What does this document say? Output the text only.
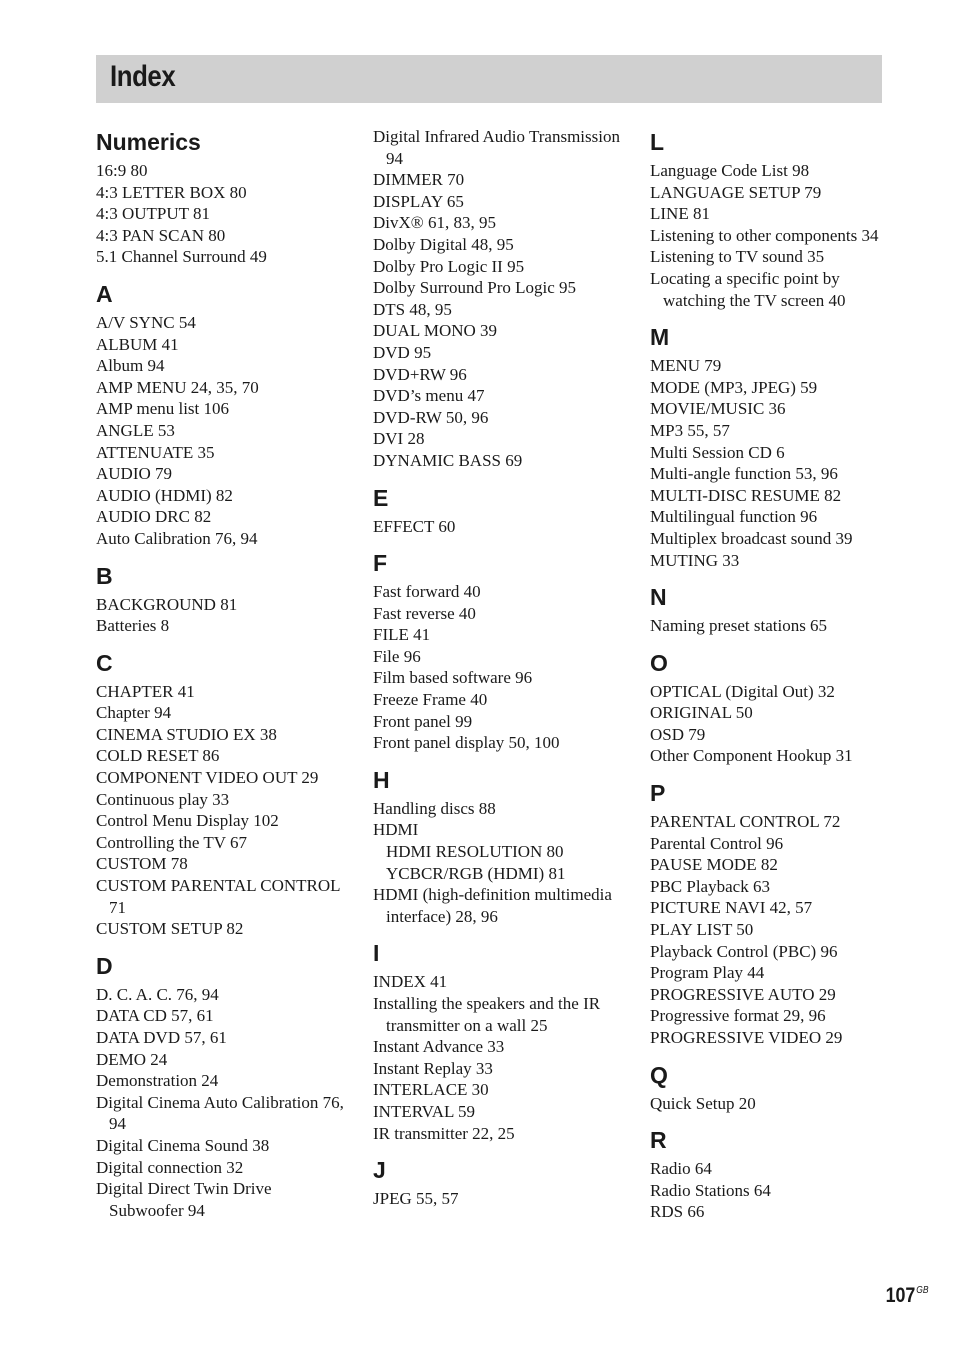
Index
Numerics
16:9 80
4:3 LETTER BOX 80
4:3 OUTPUT 81
4:3 PAN SCAN 80
5.1 Channel Surround 49
A
A/V SYNC 54
ALBUM 41
Album 94
AMP MENU 24, 35, 70
AMP menu list 106
ANGLE 53
ATTENUATE 35
AUDIO 79
AUDIO (HDMI) 82
AUDIO DRC 82
Auto Calibration 76, 94
B
BACKGROUND 81
Batteries 8
C
CHAPTER 41
Chapter 94
CINEMA STUDIO EX 38
COLD RESET 86
COMPONENT VIDEO OUT 29
Continuous play 33
Control Menu Display 102
Controlling the TV 67
CUSTOM 78
CUSTOM PARENTAL CONTROL 71
CUSTOM SETUP 82
D
D. C. A. C. 76, 94
DATA CD 57, 61
DATA DVD 57, 61
DEMO 24
Demonstration 24
Digital Cinema Auto Calibration 76, 94
Digital Cinema Sound 38
Digital connection 32
Digital Direct Twin Drive Subwoofer 94
Digital Infrared Audio Transmission 94
DIMMER 70
DISPLAY 65
DivX® 61, 83, 95
Dolby Digital 48, 95
Dolby Pro Logic II 95
Dolby Surround Pro Logic 95
DTS 48, 95
DUAL MONO 39
DVD 95
DVD+RW 96
DVD’s menu 47
DVD-RW 50, 96
DVI 28
DYNAMIC BASS 69
E
EFFECT 60
F
Fast forward 40
Fast reverse 40
FILE 41
File 96
Film based software 96
Freeze Frame 40
Front panel 99
Front panel display 50, 100
H
Handling discs 88
HDMI
HDMI RESOLUTION 80
YCBCR/RGB (HDMI) 81
HDMI (high-definition multimedia interface) 28, 96
I
INDEX 41
Installing the speakers and the IR transmitter on a wall 25
Instant Advance 33
Instant Replay 33
INTERLACE 30
INTERVAL 59
IR transmitter 22, 25
J
JPEG 55, 57
L
Language Code List 98
LANGUAGE SETUP 79
LINE 81
Listening to other components 34
Listening to TV sound 35
Locating a specific point by watching the TV screen 40
M
MENU 79
MODE (MP3, JPEG) 59
MOVIE/MUSIC 36
MP3 55, 57
Multi Session CD 6
Multi-angle function 53, 96
MULTI-DISC RESUME 82
Multilingual function 96
Multiplex broadcast sound 39
MUTING 33
N
Naming preset stations 65
O
OPTICAL (Digital Out) 32
ORIGINAL 50
OSD 79
Other Component Hookup 31
P
PARENTAL CONTROL 72
Parental Control 96
PAUSE MODE 82
PBC Playback 63
PICTURE NAVI 42, 57
PLAY LIST 50
Playback Control (PBC) 96
Program Play 44
PROGRESSIVE AUTO 29
Progressive format 29, 96
PROGRESSIVE VIDEO 29
Q
Quick Setup 20
R
Radio 64
Radio Stations 64
RDS 66
$107^{GB}$
